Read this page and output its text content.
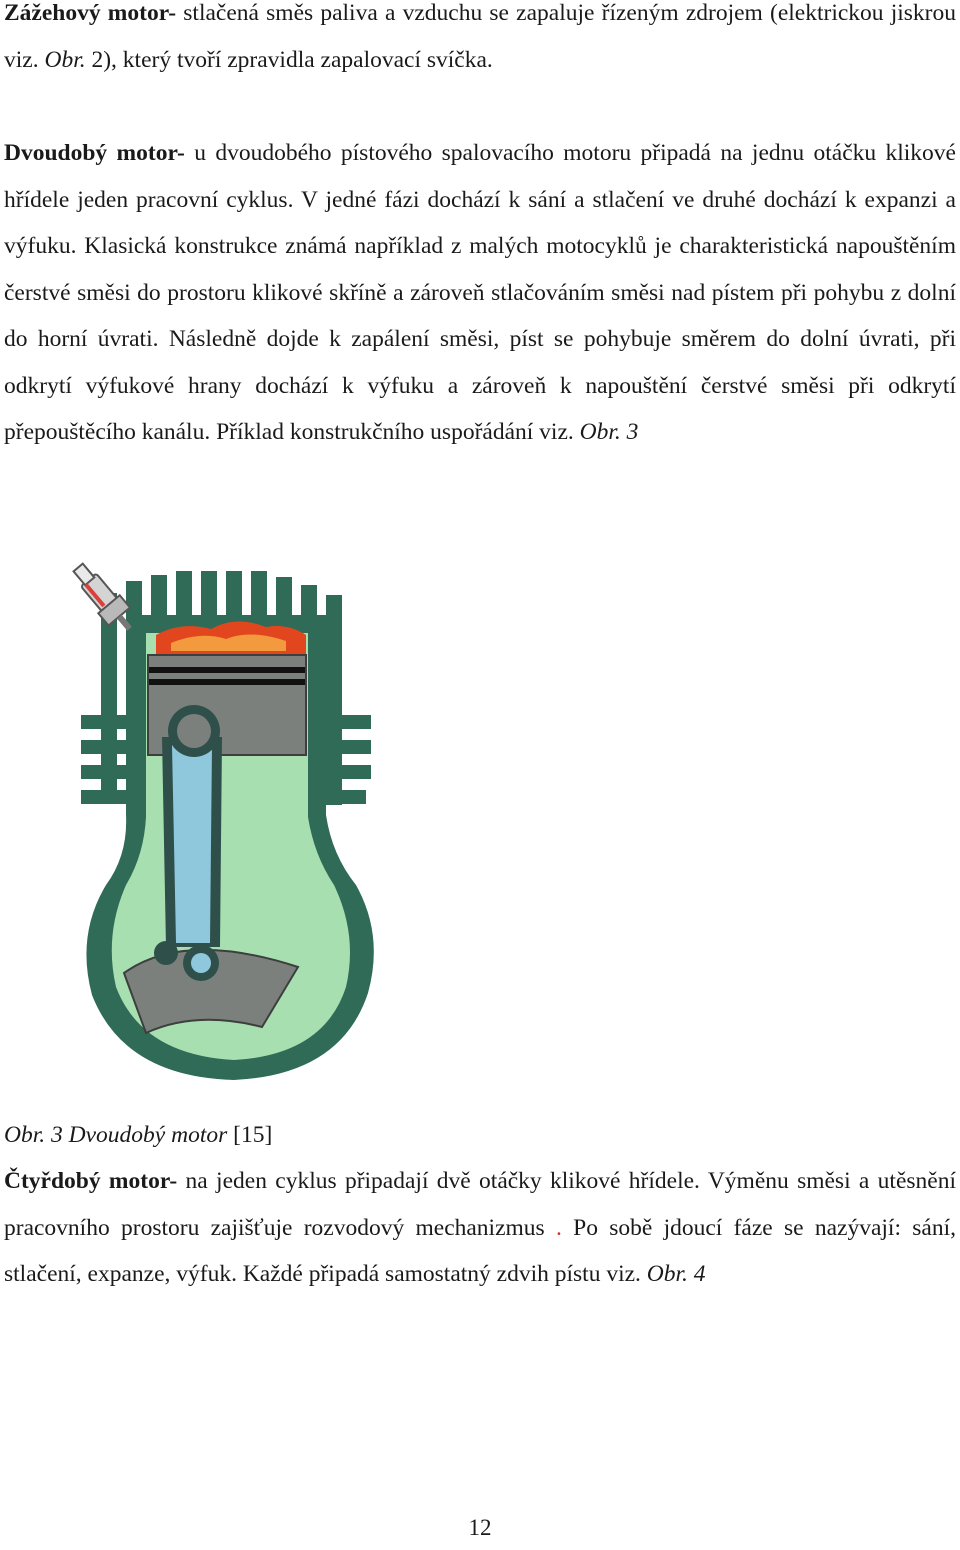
Zážehový motor- stlačená směs paliva a vzduchu se zapaluje řízeným zdrojem (elektrickou jiskrou viz. Obr. 2), který tvoří zpravidla zapalovací svíčka.

Dvoudobý motor- u dvoudobého pístového spalovacího motoru připadá na jednu otáčku klikové hřídele jeden pracovní cyklus. V jedné fázi dochází k sání a stlačení ve druhé dochází k expanzi a výfuku. Klasická konstrukce známá například z malých motocyklů je charakteristická napouštěním čerstvé směsi do prostoru klikové skříně a zároveň stlačováním směsi nad pístem při pohybu z dolní do horní úvrati. Následně dojde k zapálení směsi, píst se pohybuje směrem do dolní úvrati, při odkrytí výfukové hrany dochází k výfuku a zároveň k napouštění čerstvé směsi při odkrytí přepouštěcího kanálu. Příklad konstrukčního uspořádání viz. Obr. 3

Obr. 3 Dvoudobý motor [15]

Čtyřdobý motor- na jeden cyklus připadají dvě otáčky klikové hřídele. Výměnu směsi a utěsnění pracovního prostoru zajišťuje rozvodový mechanizmus . Po sobě jdoucí fáze se nazývají: sání, stlačení, expanze, výfuk. Každé připadá samostatný zdvih pístu viz. Obr. 4

12
